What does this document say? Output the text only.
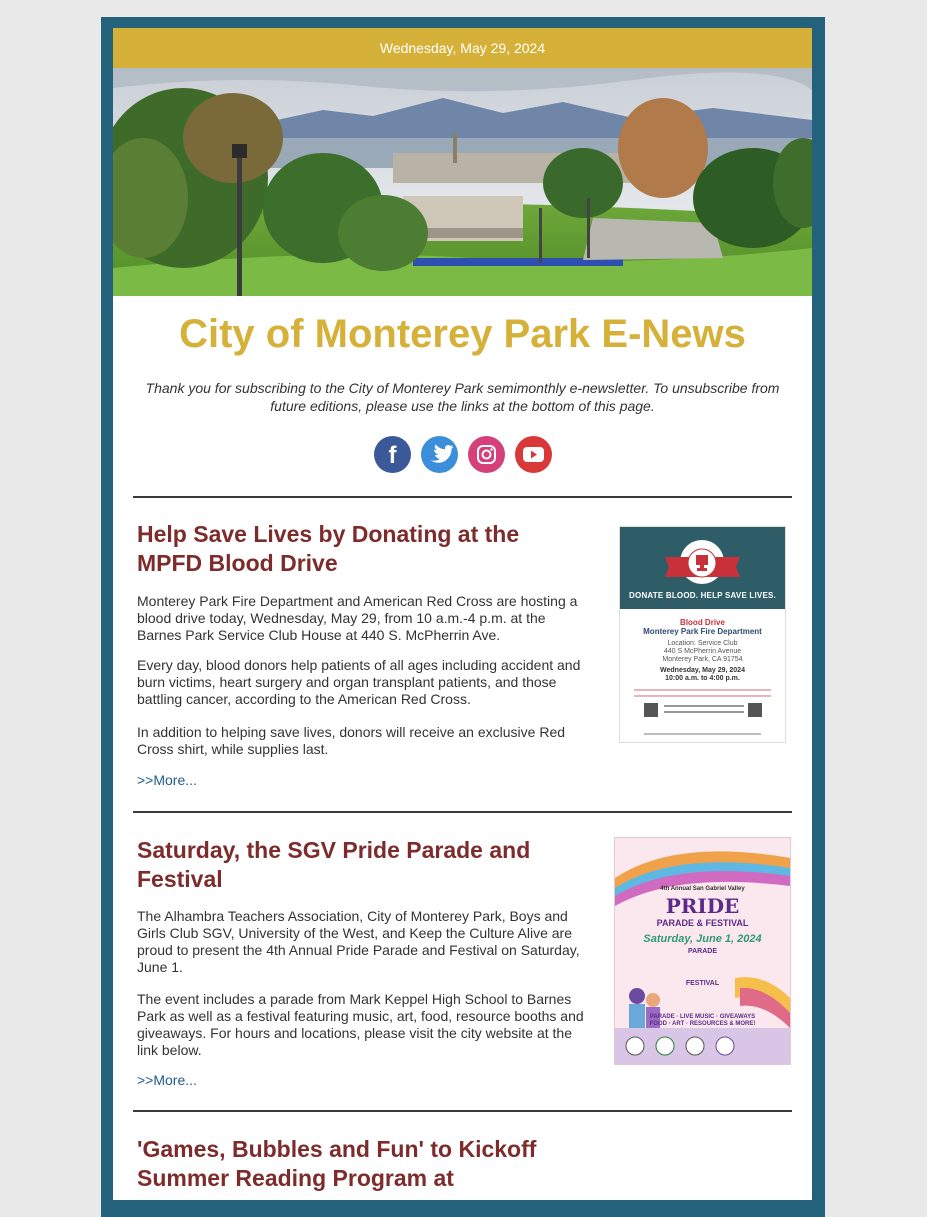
Wednesday, May 29, 2024
City of Monterey Park E-News
Thank you for subscribing to the City of Monterey Park semimonthly e-newsletter. To unsubscribe from future editions, please use the links at the bottom of this page.
f
Help Save Lives by Donating at the
MPFD Blood Drive
Monterey Park Fire Department and American Red Cross are hosting a
blood drive today, Wednesday, May 29, from 10 a.m.-4 p.m. at the
Barnes Park Service Club House at 440 S. McPherrin Ave.
Every day, blood donors help patients of all ages including accident and
burn victims, heart surgery and organ transplant patients, and those
battling cancer, according to the American Red Cross.
In addition to helping save lives, donors will receive an exclusive Red
Cross shirt, while supplies last.
>>More...
DONATE BLOOD. HELP SAVE LIVES.
Blood Drive
Monterey Park Fire Department
Location: Service Club
440 S McPherrin Avenue
Monterey Park, CA 91754
Wednesday, May 29, 2024
10:00 a.m. to 4:00 p.m.
Saturday, the SGV Pride Parade and
Festival
The Alhambra Teachers Association, City of Monterey Park, Boys and
Girls Club SGV, University of the West, and Keep the Culture Alive are
proud to present the 4th Annual Pride Parade and Festival on Saturday,
June 1.
The event includes a parade from Mark Keppel High School to Barnes
Park as well as a festival featuring music, art, food, resource booths and
giveaways. For hours and locations, please visit the city website at the
link below.
>>More...
4th Annual San Gabriel Valley
PRIDE
PARADE & FESTIVAL
Saturday, June 1, 2024
PARADE
FESTIVAL
PARADE · LIVE MUSIC · GIVEAWAYS
FOOD · ART · RESOURCES & MORE!
'Games, Bubbles and Fun' to Kickoff
Summer Reading Program at
